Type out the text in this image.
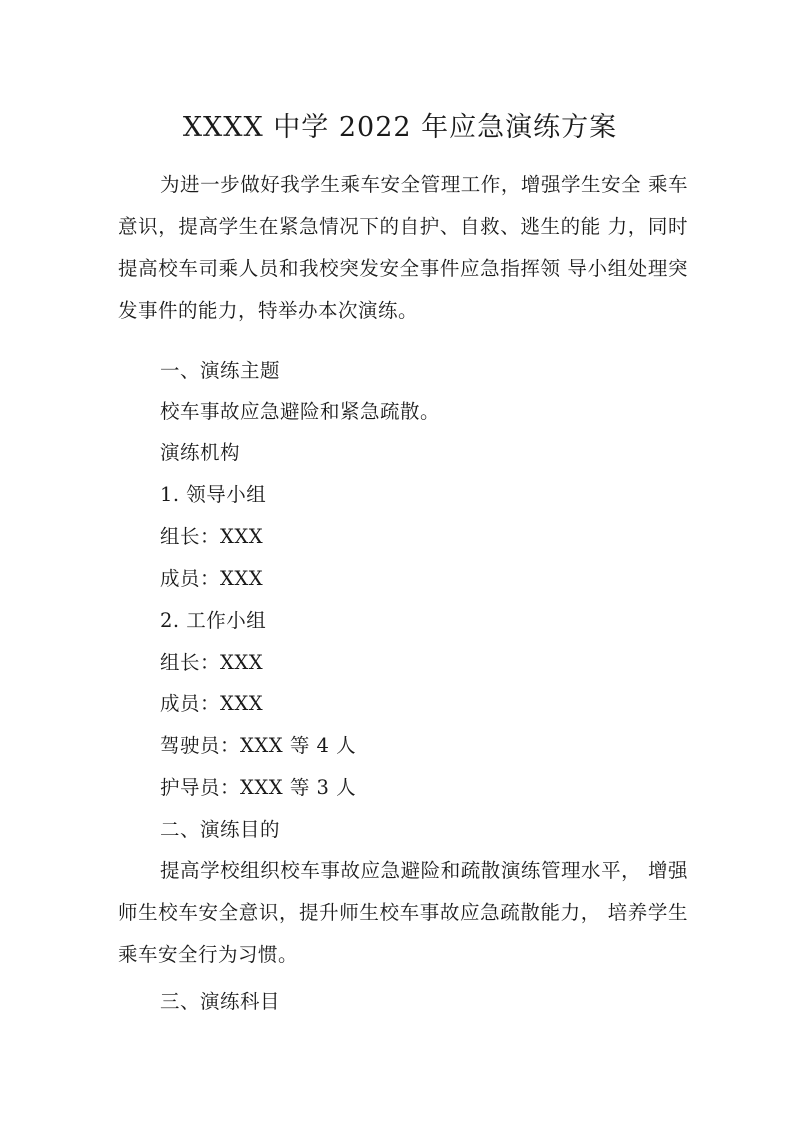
XXXX 中学 2022 年应急演练方案

为进一步做好我学生乘车安全管理工作，增强学生安全 乘车意识，提高学生在紧急情况下的自护、自救、逃生的能 力，同时提高校车司乘人员和我校突发安全事件应急指挥领 导小组处理突发事件的能力，特举办本次演练。

一、演练主题
校车事故应急避险和紧急疏散。
演练机构
1. 领导小组
组长：XXX
成员：XXX
2. 工作小组
组长：XXX
成员：XXX
驾驶员：XXX 等 4 人
护导员：XXX 等 3 人
二、演练目的

提高学校组织校车事故应急避险和疏散演练管理水平， 增强师生校车安全意识，提升师生校车事故应急疏散能力， 培养学生乘车安全行为习惯。

三、演练科目
